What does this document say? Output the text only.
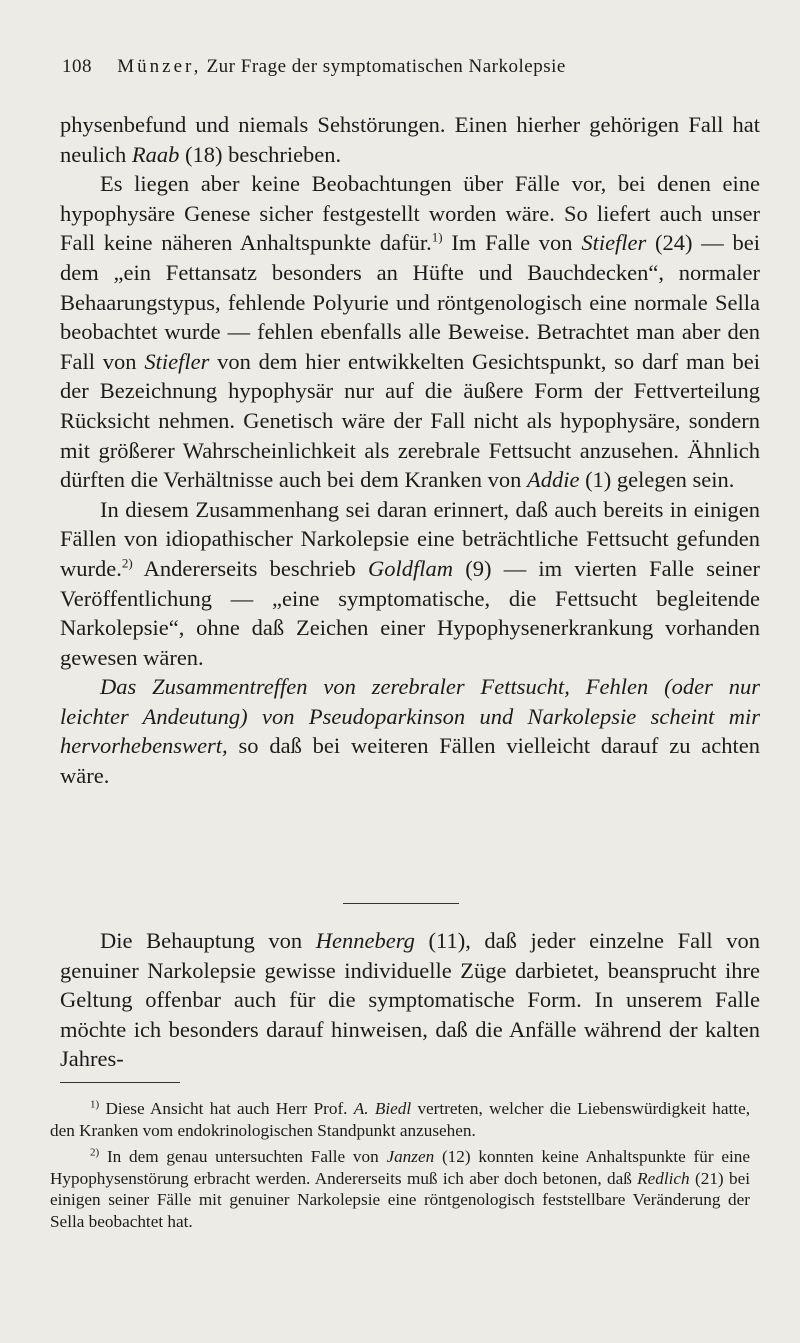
108 Münzer, Zur Frage der symptomatischen Narkolepsie

physenbefund und niemals Sehstörungen. Einen hierher gehörigen Fall hat neulich Raab (18) beschrieben.

Es liegen aber keine Beobachtungen über Fälle vor, bei denen eine hypophysäre Genese sicher festgestellt worden wäre. So liefert auch unser Fall keine näheren Anhaltspunkte dafür.$^{1)}$ Im Falle von Stiefler (24) — bei dem „ein Fettansatz besonders an Hüfte und Bauchdecken“, normaler Behaarungstypus, fehlende Polyurie und röntgenologisch eine normale Sella beobachtet wurde — fehlen ebenfalls alle Beweise. Betrachtet man aber den Fall von Stiefler von dem hier entwikkelten Gesichtspunkt, so darf man bei der Bezeichnung hypophysär nur auf die äußere Form der Fettverteilung Rücksicht nehmen. Genetisch wäre der Fall nicht als hypophysäre, sondern mit größerer Wahrscheinlichkeit als zerebrale Fettsucht anzusehen. Ähnlich dürften die Verhältnisse auch bei dem Kranken von Addie (1) gelegen sein.

In diesem Zusammenhang sei daran erinnert, daß auch bereits in einigen Fällen von idiopathischer Narkolepsie eine beträchtliche Fettsucht gefunden wurde.$^{2)}$ Andererseits beschrieb Goldflam (9) — im vierten Falle seiner Veröffentlichung — „eine symptomatische, die Fettsucht begleitende Narkolepsie“, ohne daß Zeichen einer Hypophysenerkrankung vorhanden gewesen wären.

Das Zusammentreffen von zerebraler Fettsucht, Fehlen (oder nur leichter Andeutung) von Pseudoparkinson und Narkolepsie scheint mir hervorhebenswert, so daß bei weiteren Fällen vielleicht darauf zu achten wäre.

Die Behauptung von Henneberg (11), daß jeder einzelne Fall von genuiner Narkolepsie gewisse individuelle Züge darbietet, beansprucht ihre Geltung offenbar auch für die symptomatische Form. In unserem Falle möchte ich besonders darauf hinweisen, daß die Anfälle während der kalten Jahres-

$^{1)}$ Diese Ansicht hat auch Herr Prof. A. Biedl vertreten, welcher die Liebenswürdigkeit hatte, den Kranken vom endokrinologischen Standpunkt anzusehen.

$^{2)}$ In dem genau untersuchten Falle von Janzen (12) konnten keine Anhaltspunkte für eine Hypophysenstörung erbracht werden. Andererseits muß ich aber doch betonen, daß Redlich (21) bei einigen seiner Fälle mit genuiner Narkolepsie eine röntgenologisch feststellbare Veränderung der Sella beobachtet hat.
